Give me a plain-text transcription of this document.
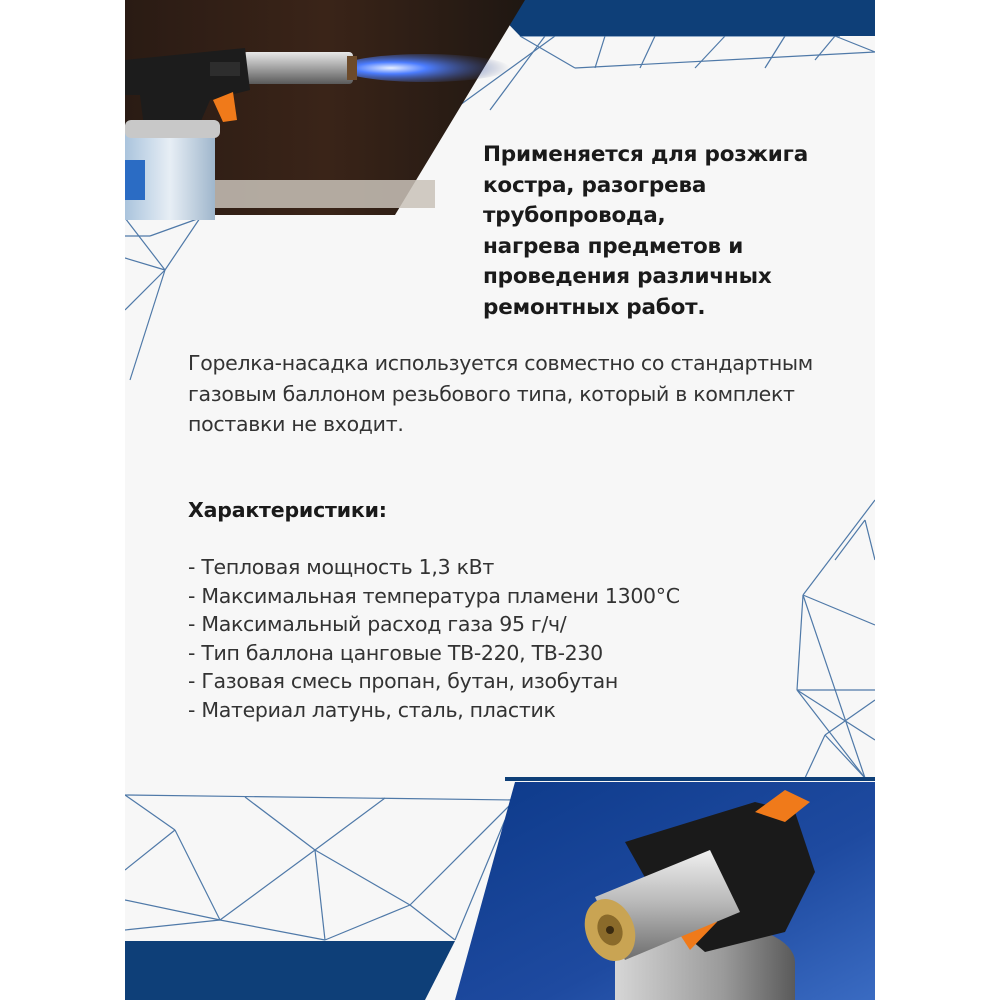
Применяется для розжига
костра, разогрева трубопровода,
нагрева предметов и
проведения различных
ремонтных работ.
Горелка-насадка используется совместно со стандартным
газовым баллоном резьбового типа, который в комплект
поставки не входит.
Характеристики:
- Тепловая мощность 1,3 кВт
- Максимальная температура пламени 1300°C
- Максимальный расход газа 95 г/ч/
- Тип баллона цанговые ТВ-220, ТВ-230
- Газовая смесь пропан, бутан, изобутан
- Материал латунь, сталь, пластик
